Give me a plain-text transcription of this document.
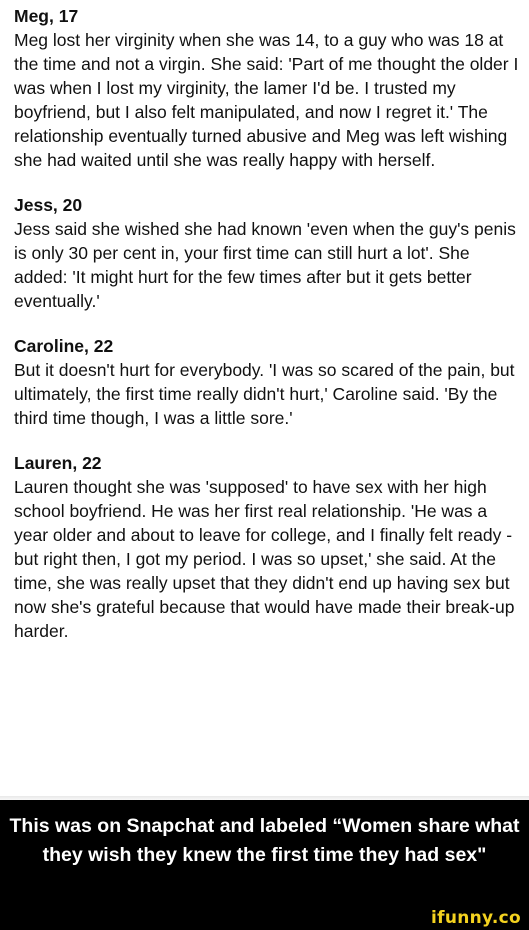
Meg, 17

Meg lost her virginity when she was 14, to a guy who was 18 at the time and not a virgin. She said: 'Part of me thought the older I was when I lost my virginity, the lamer I'd be. I trusted my boyfriend, but I also felt manipulated, and now I regret it.' The relationship eventually turned abusive and Meg was left wishing she had waited until she was really happy with herself.

Jess, 20

Jess said she wished she had known 'even when the guy's penis is only 30 per cent in, your first time can still hurt a lot'. She added: 'It might hurt for the few times after but it gets better eventually.'

Caroline, 22

But it doesn't hurt for everybody. 'I was so scared of the pain, but ultimately, the first time really didn't hurt,' Caroline said. 'By the third time though, I was a little sore.'

Lauren, 22

Lauren thought she was 'supposed' to have sex with her high school boyfriend. He was her first real relationship. 'He was a year older and about to leave for college, and I finally felt ready - but right then, I got my period. I was so upset,' she said. At the time, she was really upset that they didn't end up having sex but now she's grateful because that would have made their break-up harder.

This was on Snapchat and labeled “Women share what they wish they knew the first time they had sex"

ifunny.co
